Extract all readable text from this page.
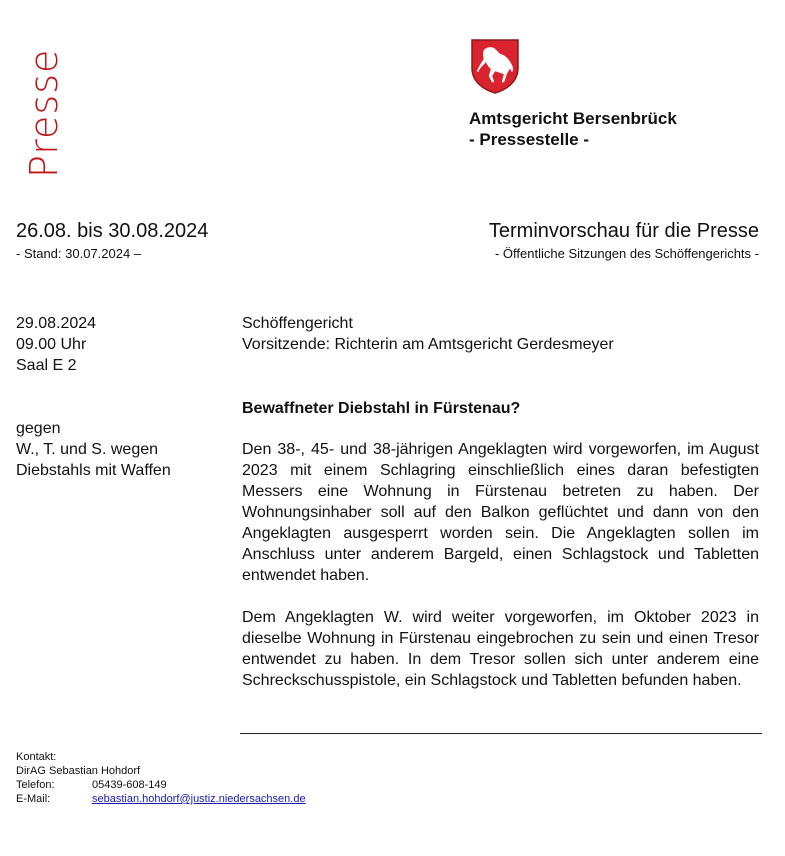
Presse	Amtsgericht Bersenbrück
- Pressestelle -
26.08. bis 30.08.2024
- Stand: 30.07.2024 –
Terminvorschau für die Presse
- Öffentliche Sitzungen des Schöffengerichts -
29.08.2024
09.00 Uhr
Saal E 2
gegen
W., T. und S. wegen
Diebstahls mit Waffen
Schöffengericht
Vorsitzende: Richterin am Amtsgericht Gerdesmeyer
Bewaffneter Diebstahl in Fürstenau?
Den 38-, 45- und 38-jährigen Angeklagten wird vorgeworfen, im August 2023 mit einem Schlagring einschließlich eines daran befestigten Messers eine Wohnung in Fürstenau betreten zu haben. Der Wohnungsinhaber soll auf den Balkon geflüchtet und dann von den Angeklagten ausgesperrt worden sein. Die Angeklagten sollen im Anschluss unter anderem Bargeld, einen Schlagstock und Tabletten entwendet haben.
Dem Angeklagten W. wird weiter vorgeworfen, im Oktober 2023 in dieselbe Wohnung in Fürstenau eingebrochen zu sein und einen Tresor entwendet zu haben. In dem Tresor sollen sich unter anderem eine Schreckschusspistole, ein Schlagstock und Tabletten befunden haben.
Kontakt:
DirAG Sebastian Hohdorf
Telefon:	05439-608-149
E-Mail:	sebastian.hohdorf@justiz.niedersachsen.de
